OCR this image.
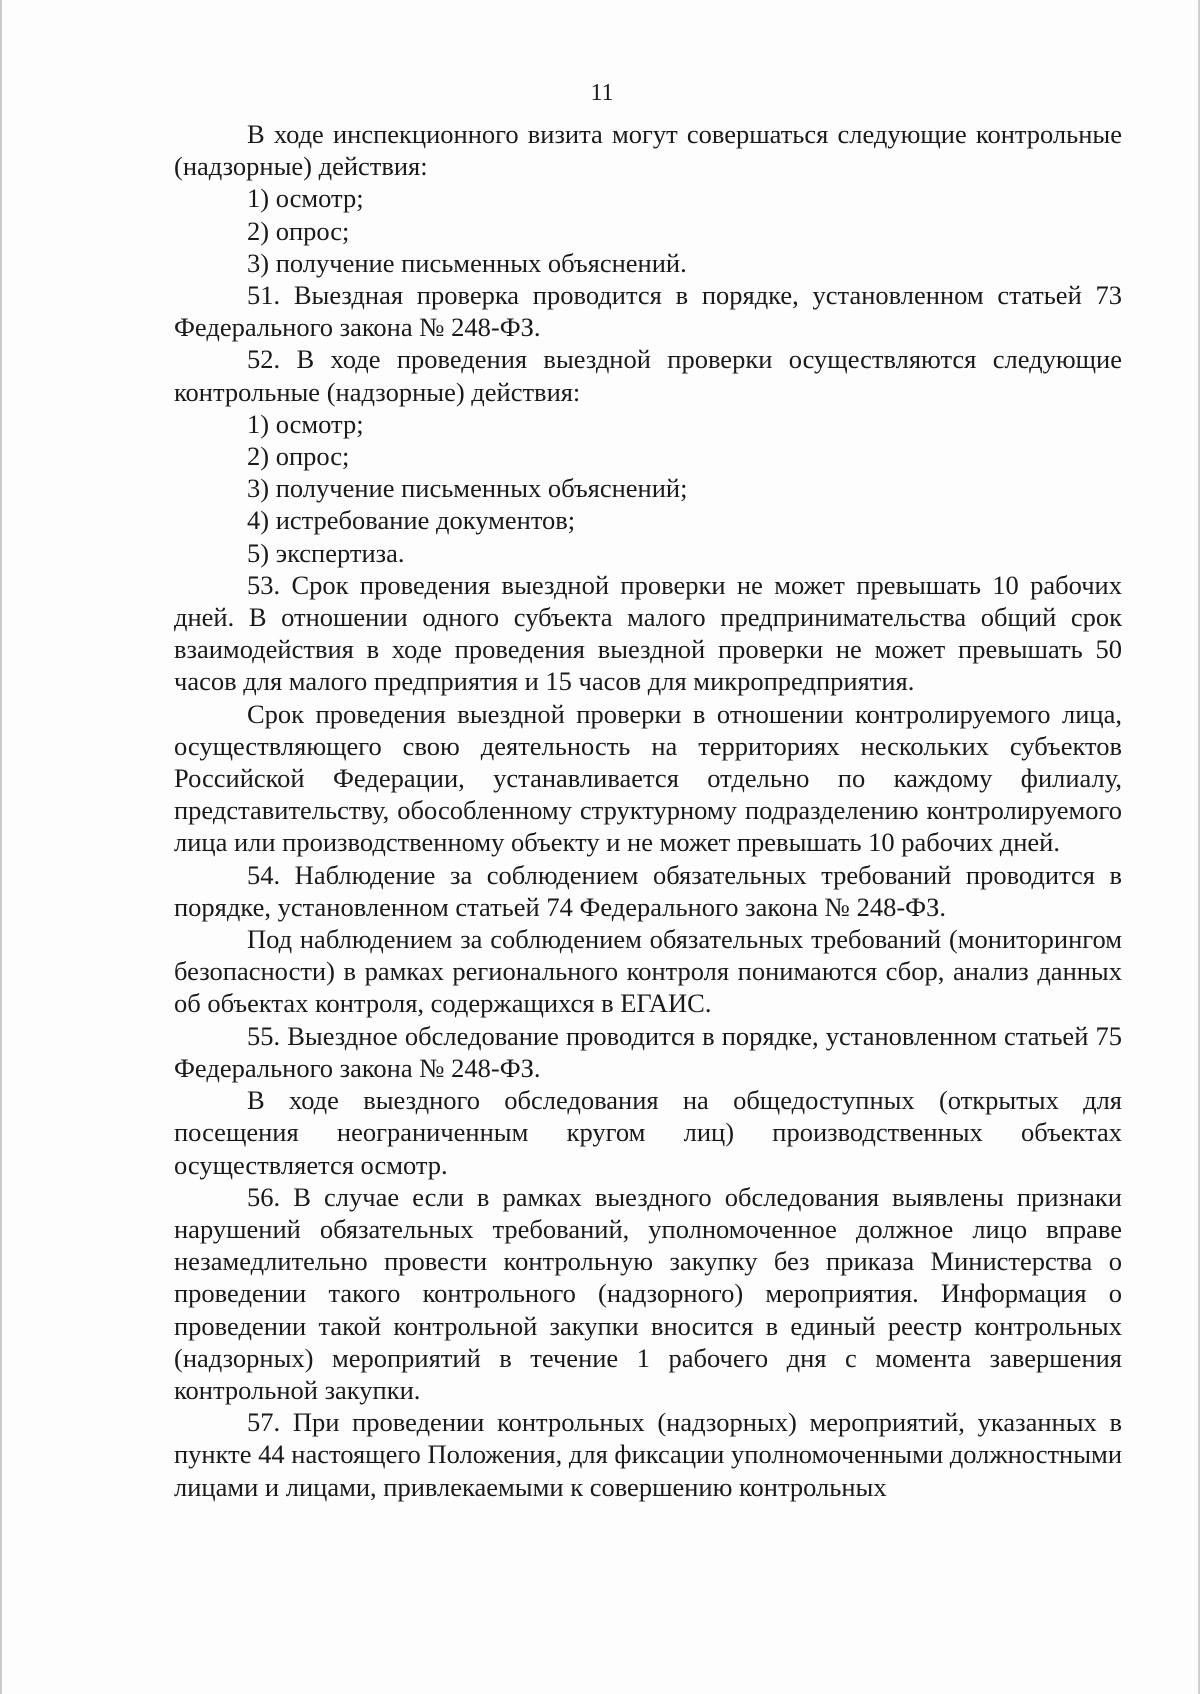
11

В ходе инспекционного визита могут совершаться следующие контрольные (надзорные) действия:

1) осмотр;

2) опрос;

3) получение письменных объяснений.

51. Выездная проверка проводится в порядке, установленном статьей 73 Федерального закона № 248-ФЗ.

52. В ходе проведения выездной проверки осуществляются следующие контрольные (надзорные) действия:

1) осмотр;

2) опрос;

3) получение письменных объяснений;

4) истребование документов;

5) экспертиза.

53. Срок проведения выездной проверки не может превышать 10 рабочих дней. В отношении одного субъекта малого предпринимательства общий срок взаимодействия в ходе проведения выездной проверки не может превышать 50 часов для малого предприятия и 15 часов для микропредприятия.

Срок проведения выездной проверки в отношении контролируемого лица, осуществляющего свою деятельность на территориях нескольких субъектов Российской Федерации, устанавливается отдельно по каждому филиалу, представительству, обособленному структурному подразделению контролируемого лица или производственному объекту и не может превышать 10 рабочих дней.

54. Наблюдение за соблюдением обязательных требований проводится в порядке, установленном статьей 74 Федерального закона № 248-ФЗ.

Под наблюдением за соблюдением обязательных требований (мониторингом безопасности) в рамках регионального контроля понимаются сбор, анализ данных об объектах контроля, содержащихся в ЕГАИС.

55. Выездное обследование проводится в порядке, установленном статьей 75 Федерального закона № 248-ФЗ.

В ходе выездного обследования на общедоступных (открытых для посещения неограниченным кругом лиц) производственных объектах осуществляется осмотр.

56. В случае если в рамках выездного обследования выявлены признаки нарушений обязательных требований, уполномоченное должное лицо вправе незамедлительно провести контрольную закупку без приказа Министерства о проведении такого контрольного (надзорного) мероприятия. Информация о проведении такой контрольной закупки вносится в единый реестр контрольных (надзорных) мероприятий в течение 1 рабочего дня с момента завершения контрольной закупки.

57. При проведении контрольных (надзорных) мероприятий, указанных в пункте 44 настоящего Положения, для фиксации уполномоченными должностными лицами и лицами, привлекаемыми к совершению контрольных
